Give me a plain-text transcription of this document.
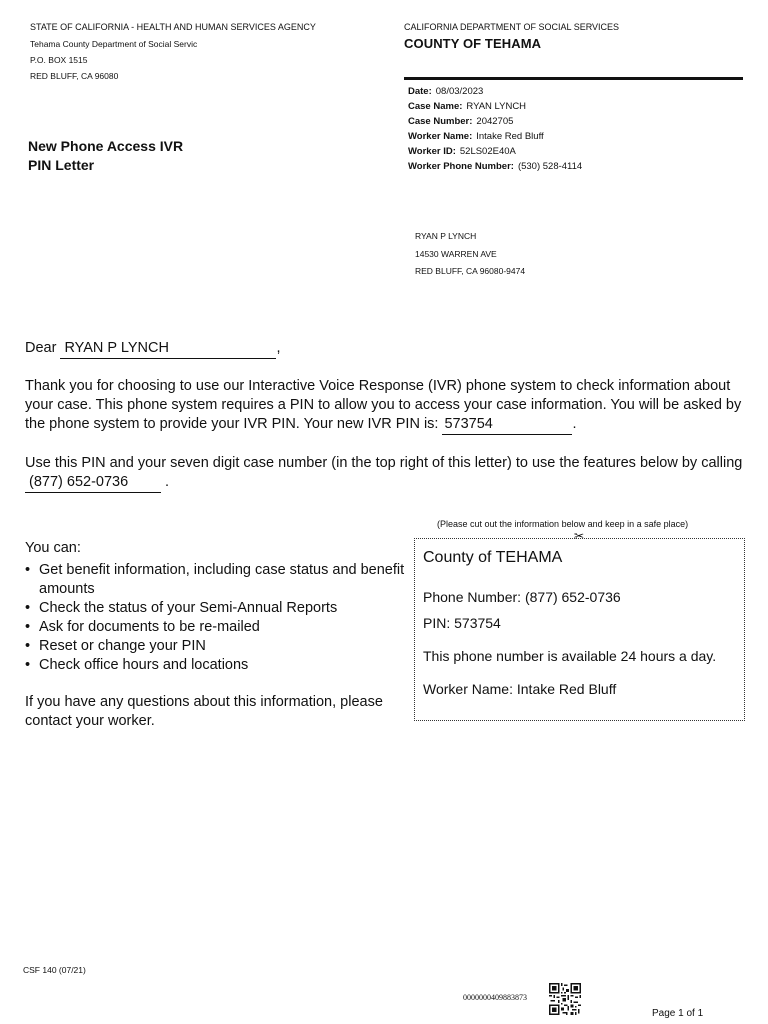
STATE OF CALIFORNIA - HEALTH AND HUMAN SERVICES AGENCY
Tehama County Department of Social Servic
P.O. BOX 1515
RED BLUFF, CA 96080
CALIFORNIA DEPARTMENT OF SOCIAL SERVICES
COUNTY OF TEHAMA
Date: 08/03/2023
Case Name: RYAN LYNCH
Case Number: 2042705
Worker Name: Intake Red Bluff
Worker ID: 52LS02E40A
Worker Phone Number: (530) 528-4114
New Phone Access IVR
PIN Letter
RYAN P LYNCH
14530 WARREN AVE
RED BLUFF, CA 96080-9474
Dear RYAN P LYNCH	,
Thank you for choosing to use our Interactive Voice Response (IVR) phone system to check information about your case. This phone system requires a PIN to allow you to access your case information. You will be asked by the phone system to provide your IVR PIN. Your new IVR PIN is: 573754	.
Use this PIN and your seven digit case number (in the top right of this letter) to use the features below by calling (877) 652-0736	.
You can:
• Get benefit information, including case status and benefit amounts
• Check the status of your Semi-Annual Reports
• Ask for documents to be re-mailed
• Reset or change your PIN
• Check office hours and locations
If you have any questions about this information, please contact your worker.
(Please cut out the information below and keep in a safe place)
County of TEHAMA
Phone Number: (877) 652-0736
PIN: 573754
This phone number is available 24 hours a day.
Worker Name: Intake Red Bluff
✂
CSF 140 (07/21)
0000000409883873
Page 1 of 1
